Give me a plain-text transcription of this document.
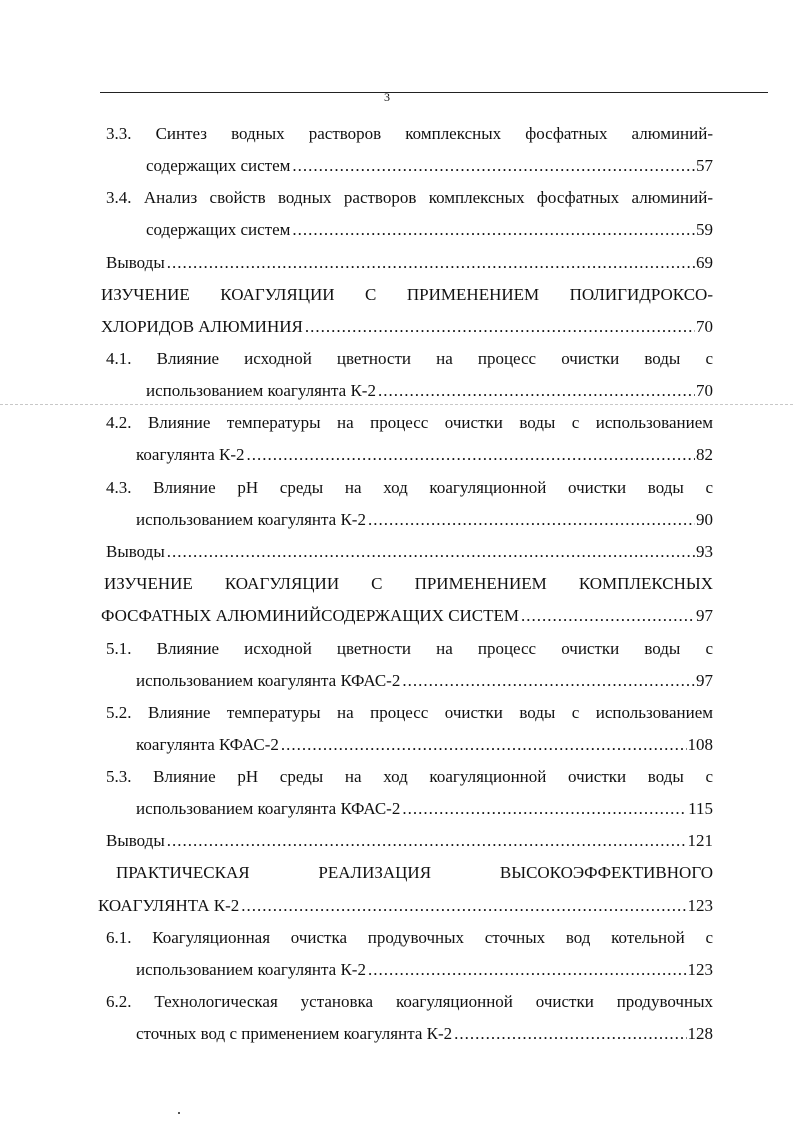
3
3.3. Синтез водных растворов комплексных фосфатных алюминий-
содержащих систем .....	57
3.4. Анализ свойств водных растворов комплексных фосфатных алюминий-
содержащих систем .....	59
Выводы .....	69
ИЗУЧЕНИЕ КОАГУЛЯЦИИ С ПРИМЕНЕНИЕМ ПОЛИГИДРОКСО-
ХЛОРИДОВ АЛЮМИНИЯ .....	70
4.1. Влияние исходной цветности на процесс очистки воды с
использованием коагулянта К-2 .....	70
4.2. Влияние температуры на процесс очистки воды с использованием
коагулянта К-2 .....	82
4.3. Влияние рН среды на ход коагуляционной очистки воды с
использованием коагулянта К-2 .....	90
Выводы .....	93
ИЗУЧЕНИЕ КОАГУЛЯЦИИ С ПРИМЕНЕНИЕМ КОМПЛЕКСНЫХ
ФОСФАТНЫХ АЛЮМИНИЙСОДЕРЖАЩИХ СИСТЕМ .....	97
5.1. Влияние исходной цветности на процесс очистки воды с
использованием коагулянта КФАС-2 .....	97
5.2. Влияние температуры на процесс очистки воды с использованием
коагулянта КФАС-2 .....	108
5.3. Влияние рН среды на ход коагуляционной очистки воды с
использованием коагулянта КФАС-2 .....	115
Выводы .....	121
ПРАКТИЧЕСКАЯ РЕАЛИЗАЦИЯ ВЫСОКОЭФФЕКТИВНОГО
КОАГУЛЯНТА К-2 .....	123
6.1. Коагуляционная очистка продувочных сточных вод котельной с
использованием коагулянта К-2 .....	123
6.2. Технологическая установка коагуляционной очистки продувочных
сточных вод с применением коагулянта К-2 .....	128
